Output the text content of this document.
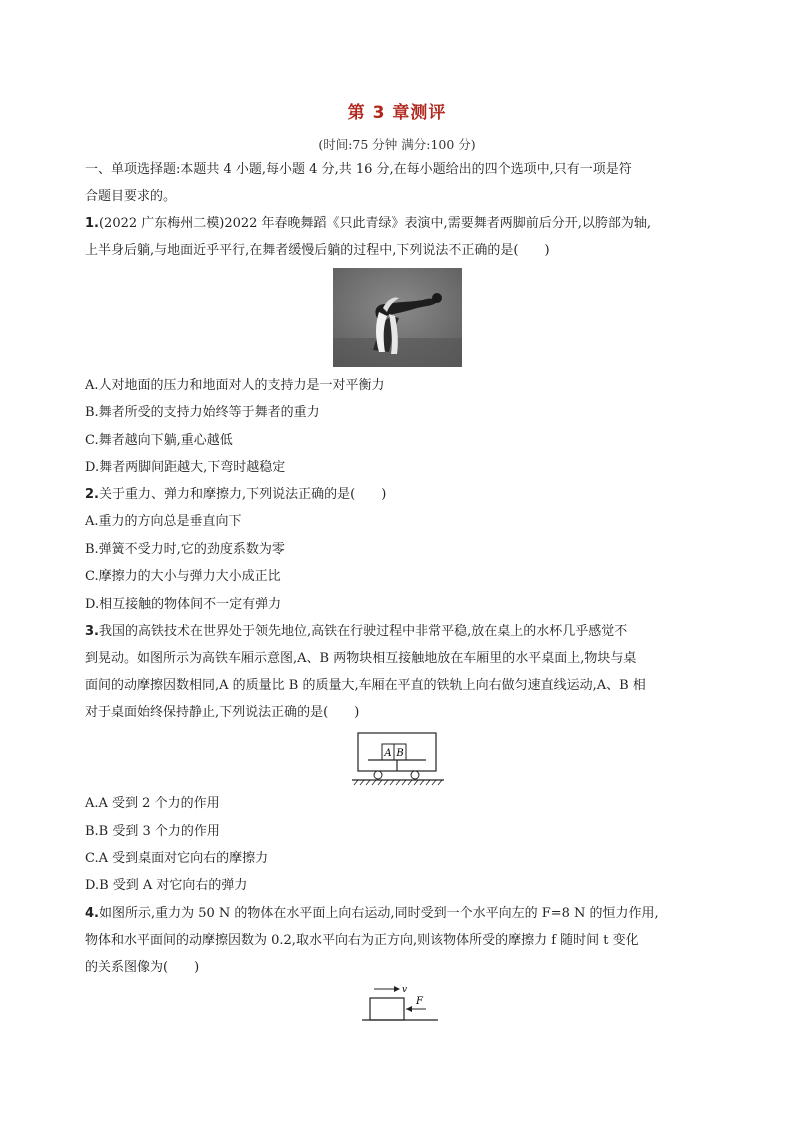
第 3 章测评
(时间:75 分钟 满分:100 分)
一、单项选择题:本题共 4 小题,每小题 4 分,共 16 分,在每小题给出的四个选项中,只有一项是符
合题目要求的。
1.(2022 广东梅州二模)2022 年春晚舞蹈《只此青绿》表演中,需要舞者两脚前后分开,以胯部为轴,
上半身后躺,与地面近乎平行,在舞者缓慢后躺的过程中,下列说法不正确的是(　　)
A.人对地面的压力和地面对人的支持力是一对平衡力
B.舞者所受的支持力始终等于舞者的重力
C.舞者越向下躺,重心越低
D.舞者两脚间距越大,下弯时越稳定
2.关于重力、弹力和摩擦力,下列说法正确的是(　　)
A.重力的方向总是垂直向下
B.弹簧不受力时,它的劲度系数为零
C.摩擦力的大小与弹力大小成正比
D.相互接触的物体间不一定有弹力
3.我国的高铁技术在世界处于领先地位,高铁在行驶过程中非常平稳,放在桌上的水杯几乎感觉不
到晃动。如图所示为高铁车厢示意图,A、B 两物块相互接触地放在车厢里的水平桌面上,物块与桌
面间的动摩擦因数相同,A 的质量比 B 的质量大,车厢在平直的铁轨上向右做匀速直线运动,A、B 相
对于桌面始终保持静止,下列说法正确的是(　　)
A B
A.A 受到 2 个力的作用
B.B 受到 3 个力的作用
C.A 受到桌面对它向右的摩擦力
D.B 受到 A 对它向右的弹力
4.如图所示,重力为 50 N 的物体在水平面上向右运动,同时受到一个水平向左的 F=8 N 的恒力作用,
物体和水平面间的动摩擦因数为 0.2,取水平向右为正方向,则该物体所受的摩擦力 f 随时间 t 变化
的关系图像为(　　)
v
F
